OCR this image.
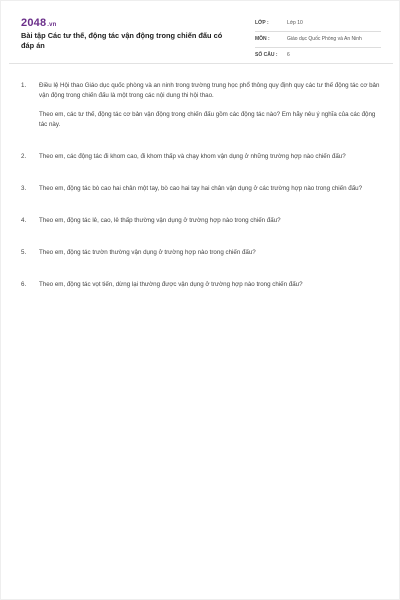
2048.vn
Bài tập Các tư thế, động tác vận động trong chiến đấu có đáp án
LỚP :	Lớp 10
MÔN :	Giáo dục Quốc Phòng và An Ninh
SỐ CÂU : 6
1. Điều lệ Hội thao Giáo dục quốc phòng và an ninh trong trường trung học phổ thông quy định quy các tư thế động tác cơ bản vận động trong chiến đấu là một trong các nội dung thi hội thao.

Theo em, các tư thế, động tác cơ bản vận động trong chiến đấu gồm các động tác nào? Em hãy nêu ý nghĩa của các động tác này.

2. Theo em, các động tác đi khom cao, đi khom thấp và chạy khom vận dụng ở những trường hợp nào chiến đấu?

3. Theo em, động tác bò cao hai chân một tay, bò cao hai tay hai chân vận dụng ở các trường hợp nào trong chiến đấu?

4. Theo em, động tác lê, cao, lê thấp thường vận dụng ở trường hợp nào trong chiến đấu?

5. Theo em, động tác trườn thường vận dụng ở trường hợp nào trong chiến đấu?

6. Theo em, động tác vọt tiến, dừng lại thường được vận dụng ở trường hợp nào trong chiến đấu?
